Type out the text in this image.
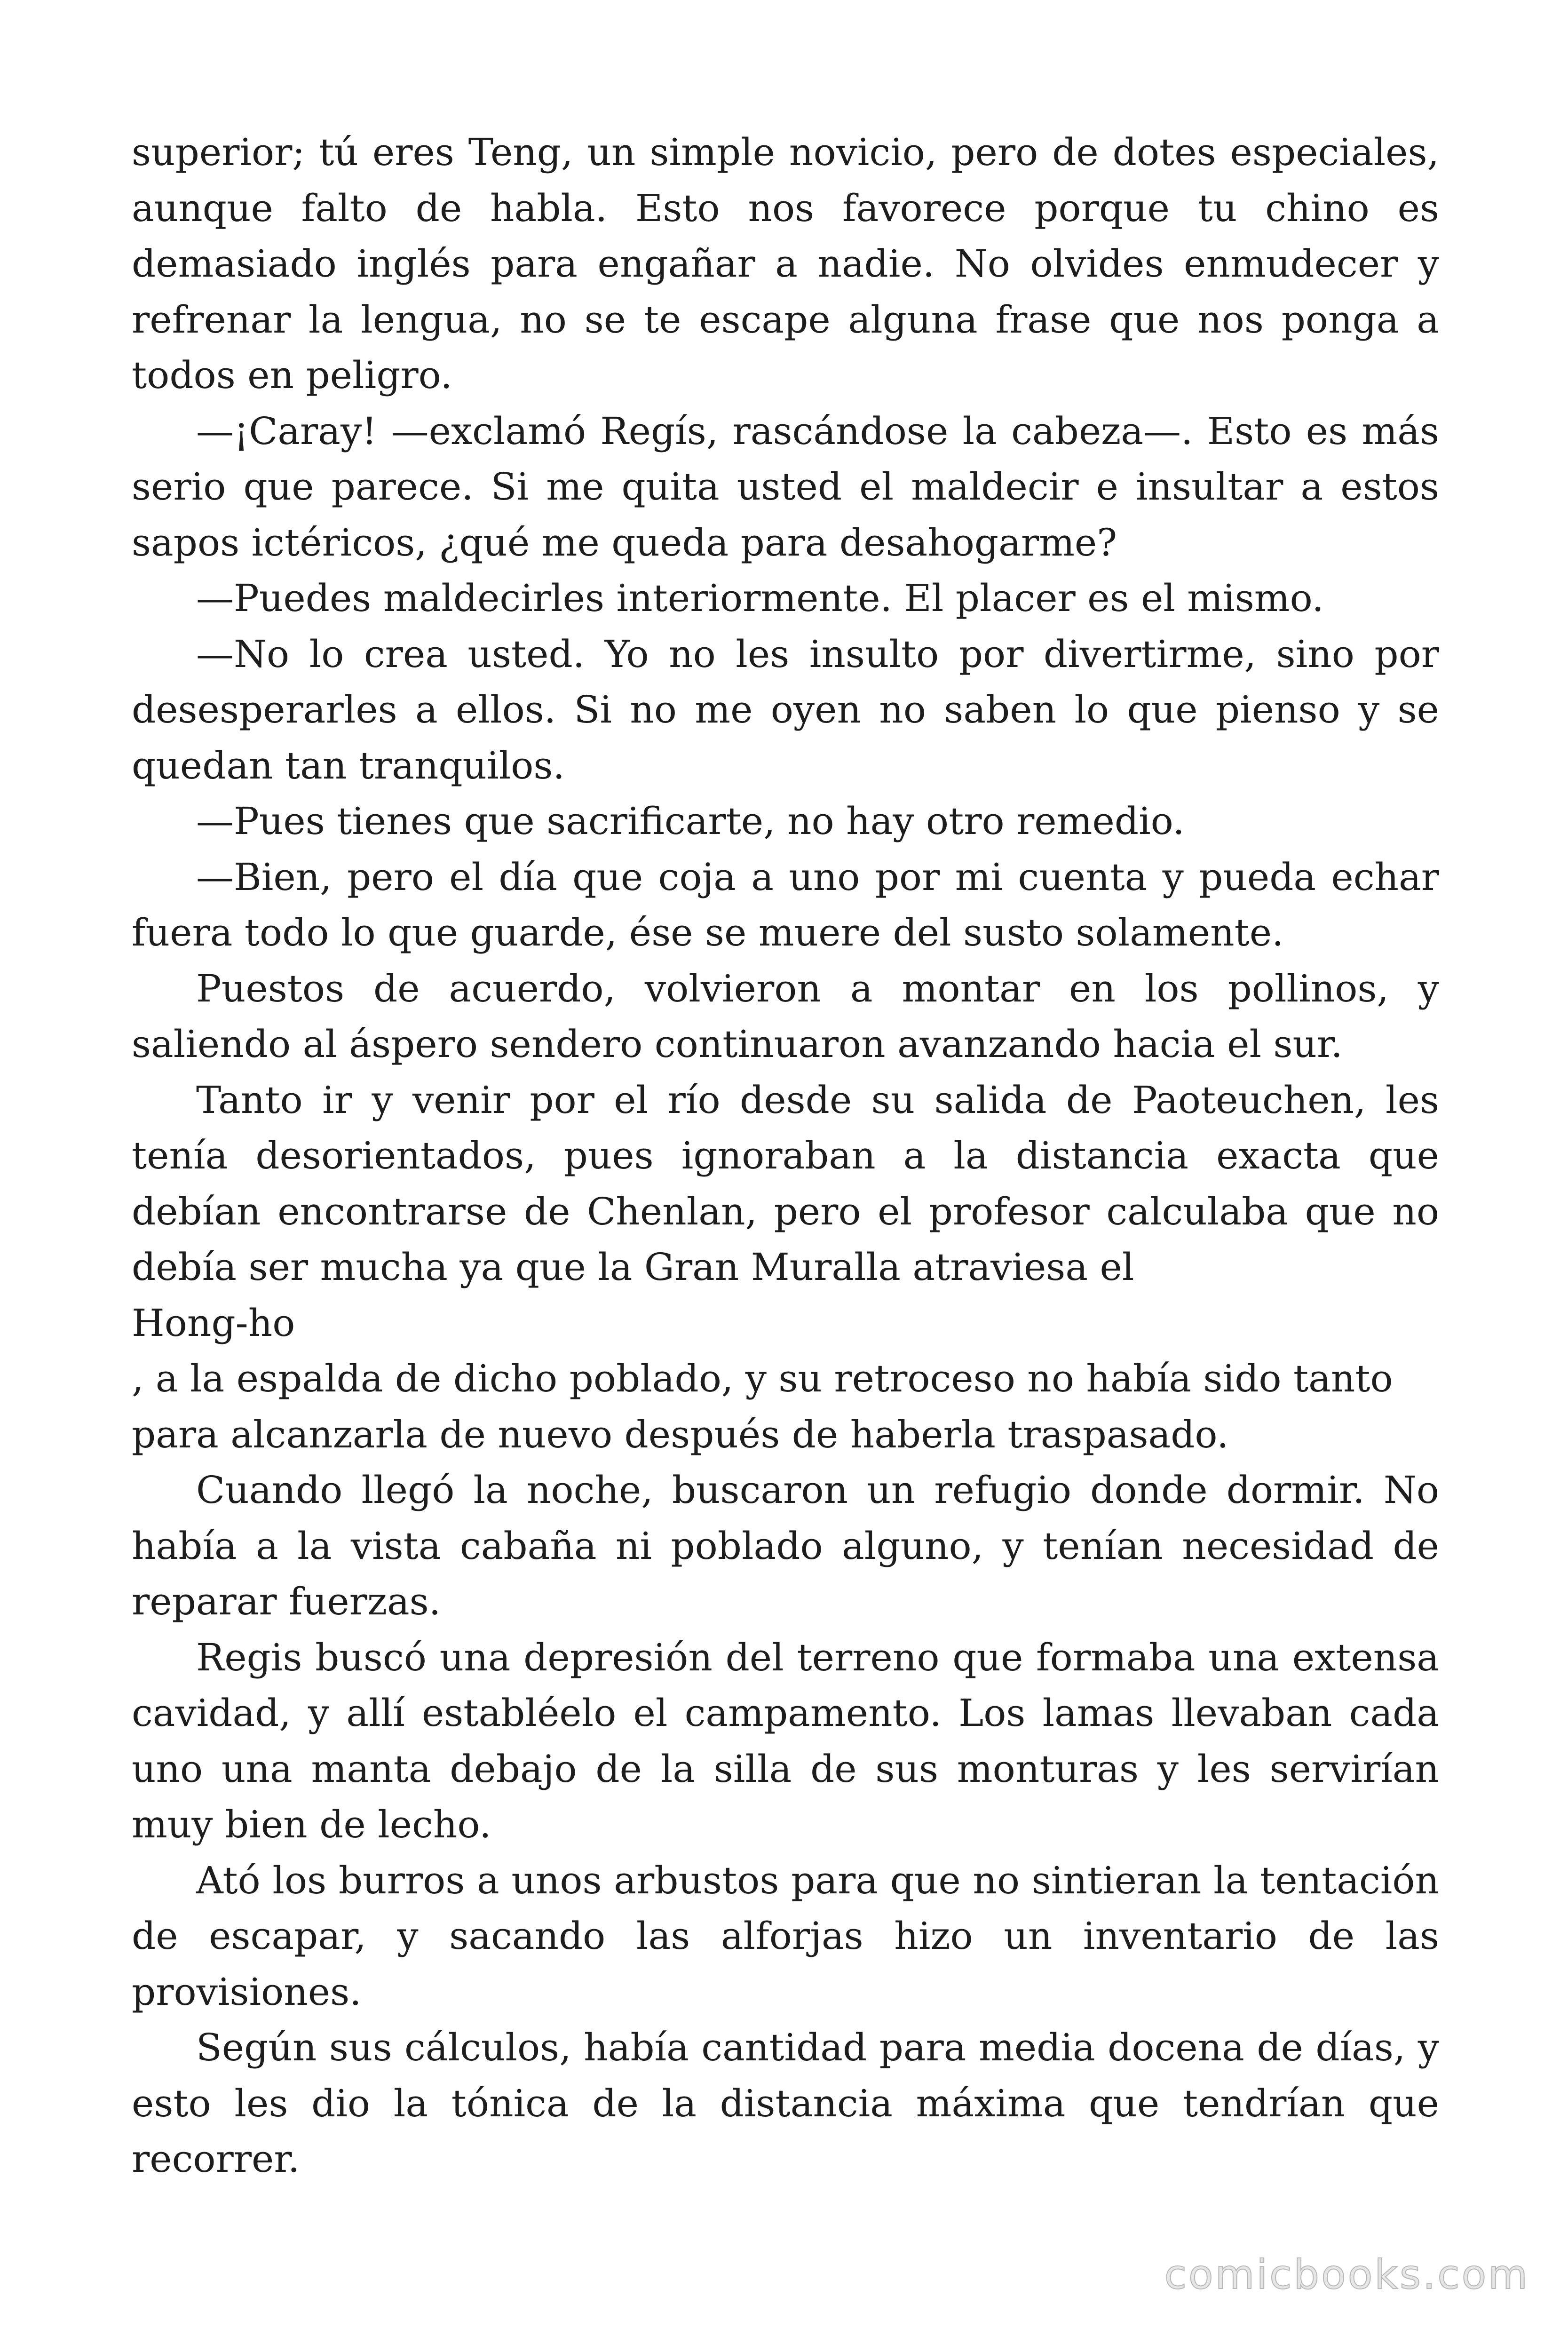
superior; tú eres Teng, un simple novicio, pero de dotes especiales, aunque falto de habla. Esto nos favorece porque tu chino es demasiado inglés para engañar a nadie. No olvides enmudecer y refrenar la lengua, no se te escape alguna frase que nos ponga a todos en peligro.

—¡Caray! —exclamó Regís, rascándose la cabeza—. Esto es más serio que parece. Si me quita usted el maldecir e insultar a estos sapos ictéricos, ¿qué me queda para desahogarme?

—Puedes maldecirles interiormente. El placer es el mismo.

—No lo crea usted. Yo no les insulto por divertirme, sino por desesperarles a ellos. Si no me oyen no saben lo que pienso y se quedan tan tranquilos.

—Pues tienes que sacrificarte, no hay otro remedio.

—Bien, pero el día que coja a uno por mi cuenta y pueda echar fuera todo lo que guarde, ése se muere del susto solamente.

Puestos de acuerdo, volvieron a montar en los pollinos, y saliendo al áspero sendero continuaron avanzando hacia el sur.

Tanto ir y venir por el río desde su salida de Paoteuchen, les tenía desorientados, pues ignoraban a la distancia exacta que debían encontrarse de Chenlan, pero el profesor calculaba que no debía ser mucha ya que la Gran Muralla atraviesa el

Hong-ho

, a la espalda de dicho poblado, y su retroceso no había sido tanto para alcanzarla de nuevo después de haberla traspasado.

Cuando llegó la noche, buscaron un refugio donde dormir. No había a la vista cabaña ni poblado alguno, y tenían necesidad de reparar fuerzas.

Regis buscó una depresión del terreno que formaba una extensa cavidad, y allí establéelo el campamento. Los lamas llevaban cada uno una manta debajo de la silla de sus monturas y les servirían muy bien de lecho.

Ató los burros a unos arbustos para que no sintieran la tentación de escapar, y sacando las alforjas hizo un inventario de las provisiones.

Según sus cálculos, había cantidad para media docena de días, y esto les dio la tónica de la distancia máxima que tendrían que recorrer.

comicbooks.com
